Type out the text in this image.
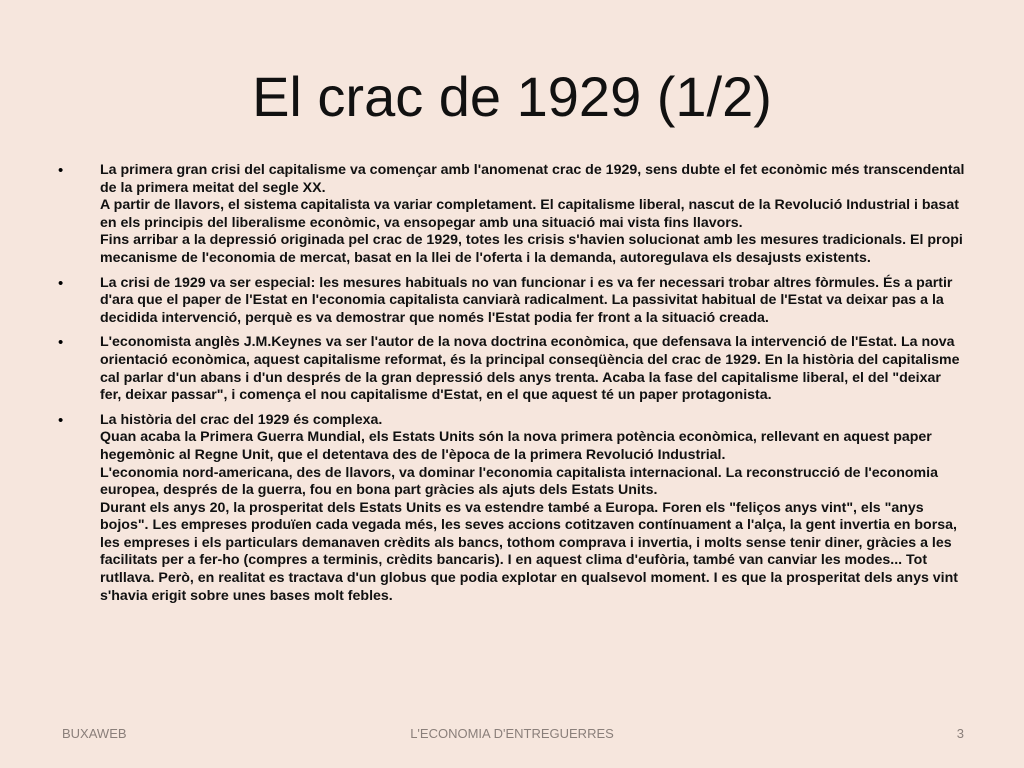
El crac de 1929 (1/2)
•	La primera gran crisi del capitalisme va començar amb l'anomenat crac de 1929, sens dubte el fet econòmic més transcendental de la primera meitat del segle XX.
A partir de llavors, el sistema capitalista va variar completament. El capitalisme liberal, nascut de la Revolució Industrial i basat en els principis del liberalisme econòmic, va ensopegar amb una situació mai vista fins llavors.
Fins arribar a la depressió originada pel crac de 1929, totes les crisis s'havien solucionat amb les mesures tradicionals. El propi mecanisme de l'economia de mercat, basat en la llei de l'oferta i la demanda, autoregulava els desajusts existents.
•	La crisi de 1929 va ser especial: les mesures habituals no van funcionar i es va fer necessari trobar altres fòrmules. És a partir d'ara que el paper de l'Estat en l'economia capitalista canviarà radicalment. La passivitat habitual de l'Estat va deixar pas a la decidida intervenció, perquè es va demostrar que només l'Estat podia fer front a la situació creada.
•	L'economista anglès J.M.Keynes va ser l'autor de la nova doctrina econòmica, que defensava la intervenció de l'Estat. La nova orientació econòmica, aquest capitalisme reformat, és la principal conseqüència del crac de 1929. En la història del capitalisme cal parlar d'un abans i d'un després de la gran depressió dels anys trenta. Acaba la fase del capitalisme liberal, el del "deixar fer, deixar passar", i comença el nou capitalisme d'Estat, en el que aquest té un paper protagonista.
•	La història del crac del 1929 és complexa.
Quan acaba la Primera Guerra Mundial, els Estats Units són la nova primera potència econòmica, rellevant en aquest paper hegemònic al Regne Unit, que el detentava des de l'època de la primera Revolució Industrial.
L'economia nord-americana, des de llavors, va dominar l'economia capitalista internacional. La reconstrucció de l'economia europea, després de la guerra, fou en bona part gràcies als ajuts dels Estats Units.
Durant els anys 20, la prosperitat dels Estats Units es va estendre també a Europa. Foren els "feliços anys vint", els "anys bojos". Les empreses produïen cada vegada més, les seves accions cotitzaven contínuament a l'alça, la gent invertia en borsa, les empreses i els particulars demanaven crèdits als bancs, tothom comprava i invertia, i molts sense tenir diner, gràcies a les facilitats per a fer-ho (compres a terminis, crèdits bancaris). I en aquest clima d'eufòria, també van canviar les modes... Tot rutllava. Però, en realitat es tractava d'un globus que podia explotar en qualsevol moment. I es que la prosperitat dels anys vint s'havia erigit sobre unes bases molt febles.
BUXAWEB	L'ECONOMIA D'ENTREGUERRES	3
